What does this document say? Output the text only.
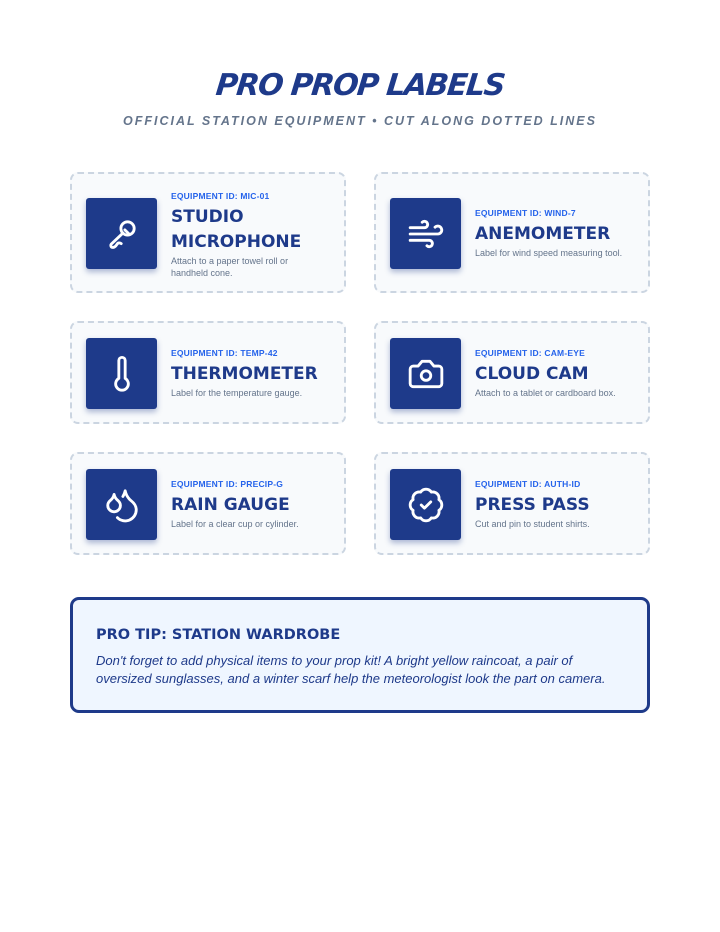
PRO PROP LABELS
OFFICIAL STATION EQUIPMENT • CUT ALONG DOTTED LINES
EQUIPMENT ID: MIC-01
STUDIO
MICROPHONE
Attach to a paper towel roll or
handheld cone.
EQUIPMENT ID: WIND-7
ANEMOMETER
Label for wind speed measuring tool.
EQUIPMENT ID: TEMP-42
THERMOMETER
Label for the temperature gauge.
EQUIPMENT ID: CAM-EYE
CLOUD CAM
Attach to a tablet or cardboard box.
EQUIPMENT ID: PRECIP-G
RAIN GAUGE
Label for a clear cup or cylinder.
EQUIPMENT ID: AUTH-ID
PRESS PASS
Cut and pin to student shirts.
PRO TIP: STATION WARDROBE
Don't forget to add physical items to your prop kit! A bright yellow raincoat, a pair of
oversized sunglasses, and a winter scarf help the meteorologist look the part on camera.
